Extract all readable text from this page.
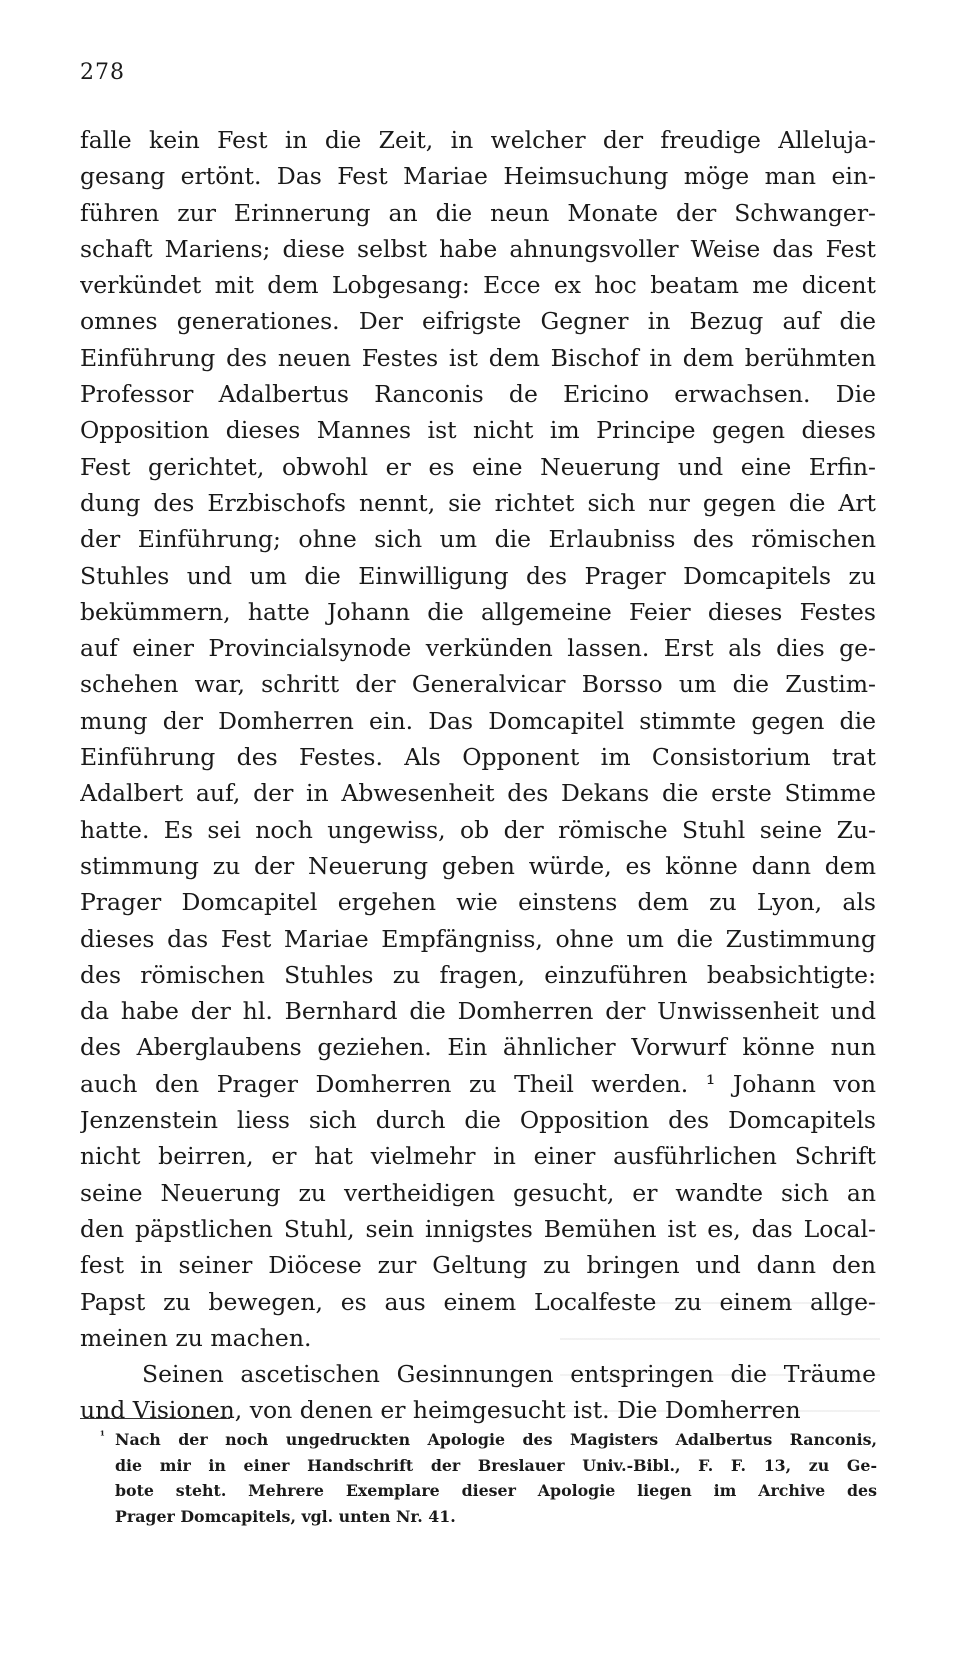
278
falle kein Fest in die Zeit, in welcher der freudige Alleluja-
gesang ertönt. Das Fest Mariae Heimsuchung möge man ein-
führen zur Erinnerung an die neun Monate der Schwanger-
schaft Mariens; diese selbst habe ahnungsvoller Weise das Fest
verkündet mit dem Lobgesang: Ecce ex hoc beatam me dicent
omnes generationes. Der eifrigste Gegner in Bezug auf die
Einführung des neuen Festes ist dem Bischof in dem berühmten
Professor Adalbertus Ranconis de Ericino erwachsen. Die
Opposition dieses Mannes ist nicht im Principe gegen dieses
Fest gerichtet, obwohl er es eine Neuerung und eine Erfin-
dung des Erzbischofs nennt, sie richtet sich nur gegen die Art
der Einführung; ohne sich um die Erlaubniss des römischen
Stuhles und um die Einwilligung des Prager Domcapitels zu
bekümmern, hatte Johann die allgemeine Feier dieses Festes
auf einer Provincialsynode verkünden lassen. Erst als dies ge-
schehen war, schritt der Generalvicar Borsso um die Zustim-
mung der Domherren ein. Das Domcapitel stimmte gegen die
Einführung des Festes. Als Opponent im Consistorium trat
Adalbert auf, der in Abwesenheit des Dekans die erste Stimme
hatte. Es sei noch ungewiss, ob der römische Stuhl seine Zu-
stimmung zu der Neuerung geben würde, es könne dann dem
Prager Domcapitel ergehen wie einstens dem zu Lyon, als
dieses das Fest Mariae Empfängniss, ohne um die Zustimmung
des römischen Stuhles zu fragen, einzuführen beabsichtigte:
da habe der hl. Bernhard die Domherren der Unwissenheit und
des Aberglaubens geziehen. Ein ähnlicher Vorwurf könne nun
auch den Prager Domherren zu Theil werden. ¹ Johann von
Jenzenstein liess sich durch die Opposition des Domcapitels
nicht beirren, er hat vielmehr in einer ausführlichen Schrift
seine Neuerung zu vertheidigen gesucht, er wandte sich an
den päpstlichen Stuhl, sein innigstes Bemühen ist es, das Local-
fest in seiner Diöcese zur Geltung zu bringen und dann den
Papst zu bewegen, es aus einem Localfeste zu einem allge-
meinen zu machen.
Seinen ascetischen Gesinnungen entspringen die Träume
und Visionen, von denen er heimgesucht ist. Die Domherren
¹ Nach der noch ungedruckten Apologie des Magisters Adalbertus Ranconis,
die mir in einer Handschrift der Breslauer Univ.-Bibl., F. F. 13, zu Ge-
bote steht. Mehrere Exemplare dieser Apologie liegen im Archive des
Prager Domcapitels, vgl. unten Nr. 41.
